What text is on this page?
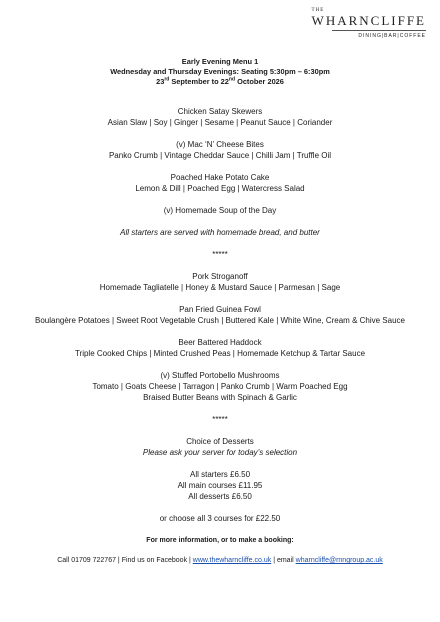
THE
WHARNCLIFFE
DINING|BAR|COFFEE

Early Evening Menu 1

Wednesday and Thursday Evenings: Seating 5:30pm – 6:30pm

23rd September to 22nd October 2026

Chicken Satay Skewers

Asian Slaw | Soy | Ginger | Sesame | Peanut Sauce | Coriander

(v) Mac ‘N’ Cheese Bites

Panko Crumb | Vintage Cheddar Sauce | Chilli Jam | Truffle Oil

Poached Hake Potato Cake

Lemon & Dill | Poached Egg | Watercress Salad

(v) Homemade Soup of the Day

All starters are served with homemade bread, and butter

*****

Pork Stroganoff

Homemade Tagliatelle | Honey & Mustard Sauce | Parmesan | Sage

Pan Fried Guinea Fowl

Boulangère Potatoes | Sweet Root Vegetable Crush | Buttered Kale | White Wine, Cream & Chive Sauce

Beer Battered Haddock

Triple Cooked Chips | Minted Crushed Peas | Homemade Ketchup & Tartar Sauce

(v) Stuffed Portobello Mushrooms

Tomato | Goats Cheese | Tarragon | Panko Crumb | Warm Poached Egg

Braised Butter Beans with Spinach & Garlic

*****

Choice of Desserts

Please ask your server for today’s selection

All starters £6.50

All main courses £11.95

All desserts £6.50

or choose all 3 courses for £22.50

For more information, or to make a booking:

Call 01709 722767 | Find us on Facebook | www.thewharncliffe.co.uk | email wharncliffe@rnngroup.ac.uk
